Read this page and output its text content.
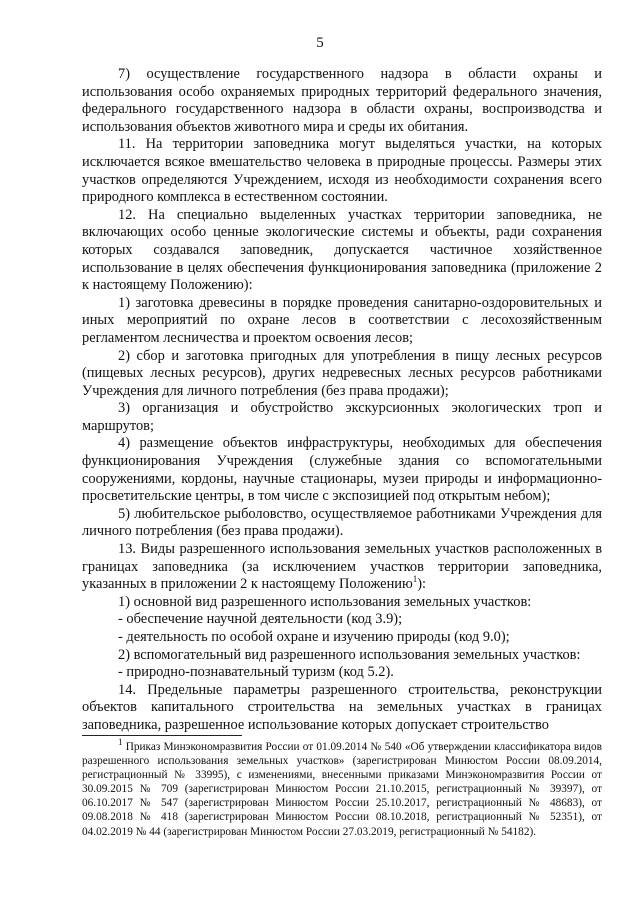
5

7) осуществление государственного надзора в области охраны и использования особо охраняемых природных территорий федерального значения, федерального государственного надзора в области охраны, воспроизводства и использования объектов животного мира и среды их обитания.

11. На территории заповедника могут выделяться участки, на которых исключается всякое вмешательство человека в природные процессы. Размеры этих участков определяются Учреждением, исходя из необходимости сохранения всего природного комплекса в естественном состоянии.

12. На специально выделенных участках территории заповедника, не включающих особо ценные экологические системы и объекты, ради сохранения которых создавался заповедник, допускается частичное хозяйственное использование в целях обеспечения функционирования заповедника (приложение 2 к настоящему Положению):

1) заготовка древесины в порядке проведения санитарно-оздоровительных и иных мероприятий по охране лесов в соответствии с лесохозяйственным регламентом лесничества и проектом освоения лесов;

2) сбор и заготовка пригодных для употребления в пищу лесных ресурсов (пищевых лесных ресурсов), других недревесных лесных ресурсов работниками Учреждения для личного потребления (без права продажи);

3) организация и обустройство экскурсионных экологических троп и маршрутов;

4) размещение объектов инфраструктуры, необходимых для обеспечения функционирования Учреждения (служебные здания со вспомогательными сооружениями, кордоны, научные стационары, музеи природы и информационно-просветительские центры, в том числе с экспозицией под открытым небом);

5) любительское рыболовство, осуществляемое работниками Учреждения для личного потребления (без права продажи).

13. Виды разрешенного использования земельных участков расположенных в границах заповедника (за исключением участков территории заповедника, указанных в приложении 2 к настоящему Положению$^1$):

1) основной вид разрешенного использования земельных участков:

- обеспечение научной деятельности (код 3.9);

- деятельность по особой охране и изучению природы (код 9.0);

2) вспомогательный вид разрешенного использования земельных участков:

- природно-познавательный туризм (код 5.2).

14. Предельные параметры разрешенного строительства, реконструкции объектов капитального строительства на земельных участках в границах заповедника, разрешенное использование которых допускает строительство

$^1$ Приказ Минэкономразвития России от 01.09.2014 № 540 «Об утверждении классификатора видов разрешенного использования земельных участков» (зарегистрирован Минюстом России 08.09.2014, регистрационный № 33995), с изменениями, внесенными приказами Минэкономразвития России от 30.09.2015 № 709 (зарегистрирован Минюстом России 21.10.2015, регистрационный № 39397), от 06.10.2017 № 547 (зарегистрирован Минюстом России 25.10.2017, регистрационный № 48683), от 09.08.2018 № 418 (зарегистрирован Минюстом России 08.10.2018, регистрационный № 52351), от 04.02.2019 № 44 (зарегистрирован Минюстом России 27.03.2019, регистрационный № 54182).
